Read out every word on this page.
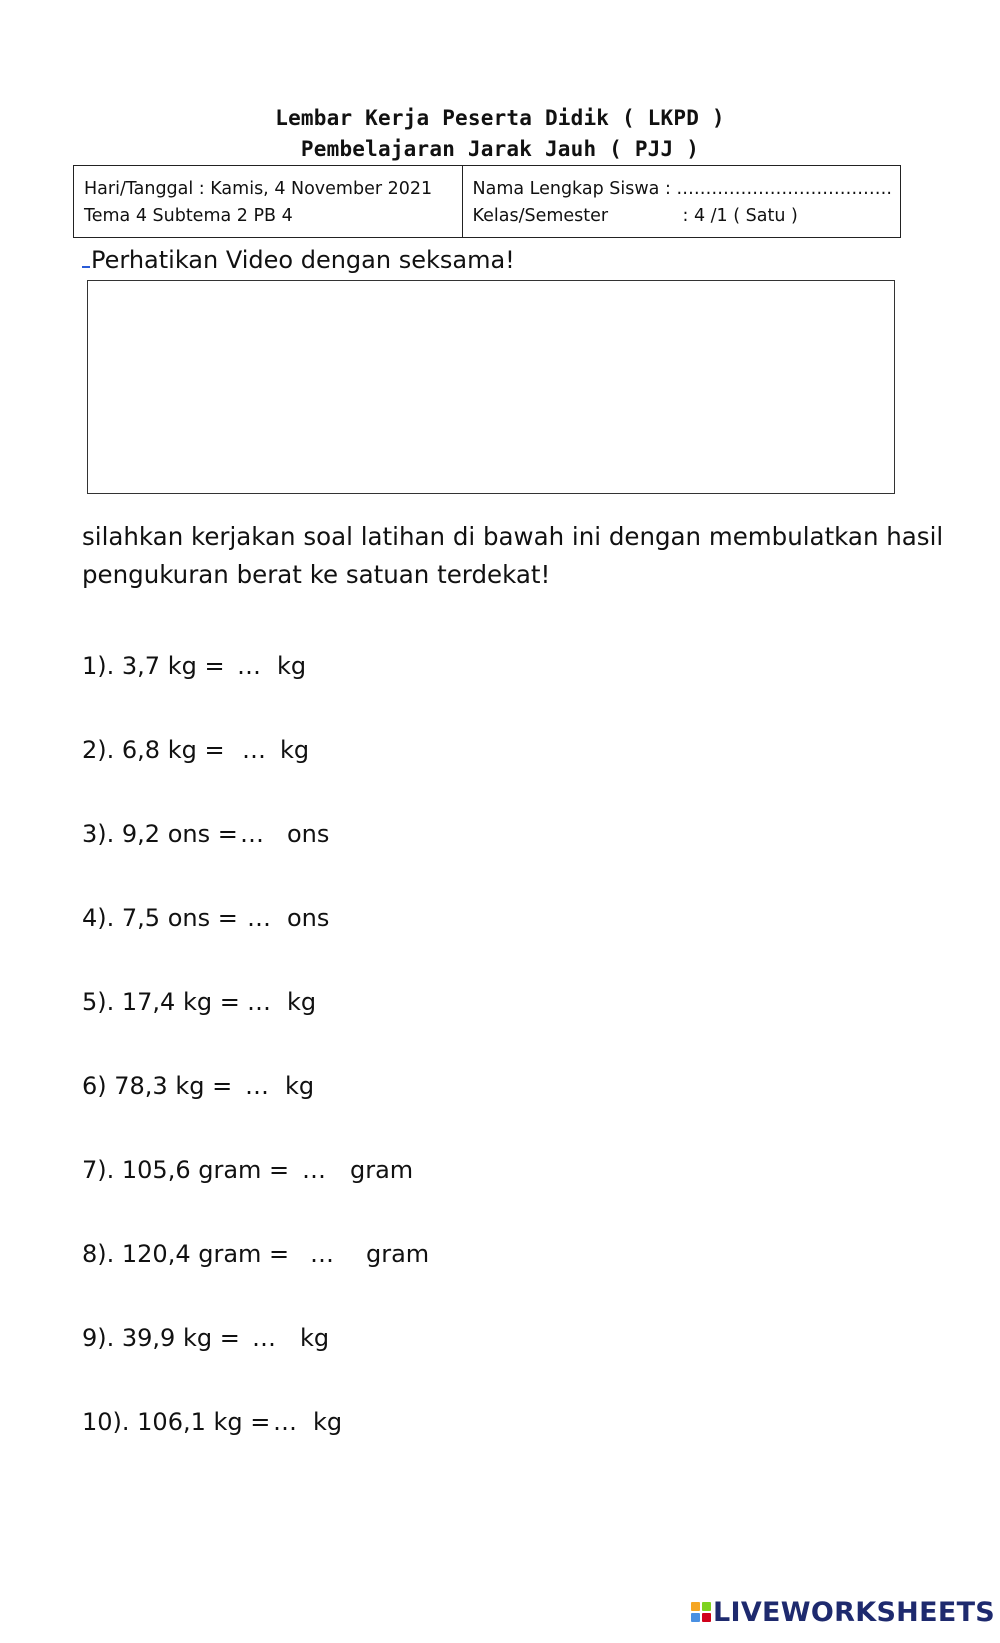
Lembar Kerja Peserta Didik ( LKPD )
Pembelajaran Jarak Jauh ( PJJ )
Hari/Tanggal : Kamis, 4 November 2021
Tema 4 Subtema 2 PB 4
Nama Lengkap Siswa : ……………………………….
Kelas/Semester	: 4 /1 ( Satu )
Perhatikan Video dengan seksama!
silahkan kerjakan soal latihan di bawah ini dengan membulatkan hasil pengukuran berat ke satuan terdekat!
1). 3,7 kg = … kg
2). 6,8 kg = … kg
3). 9,2 ons = … ons
4). 7,5 ons = … ons
5). 17,4 kg = … kg
6) 78,3 kg = … kg
7). 105,6 gram = … gram
8). 120,4 gram = … gram
9). 39,9 kg = … kg
10). 106,1 kg = … kg
LIVEWORKSHEETS
